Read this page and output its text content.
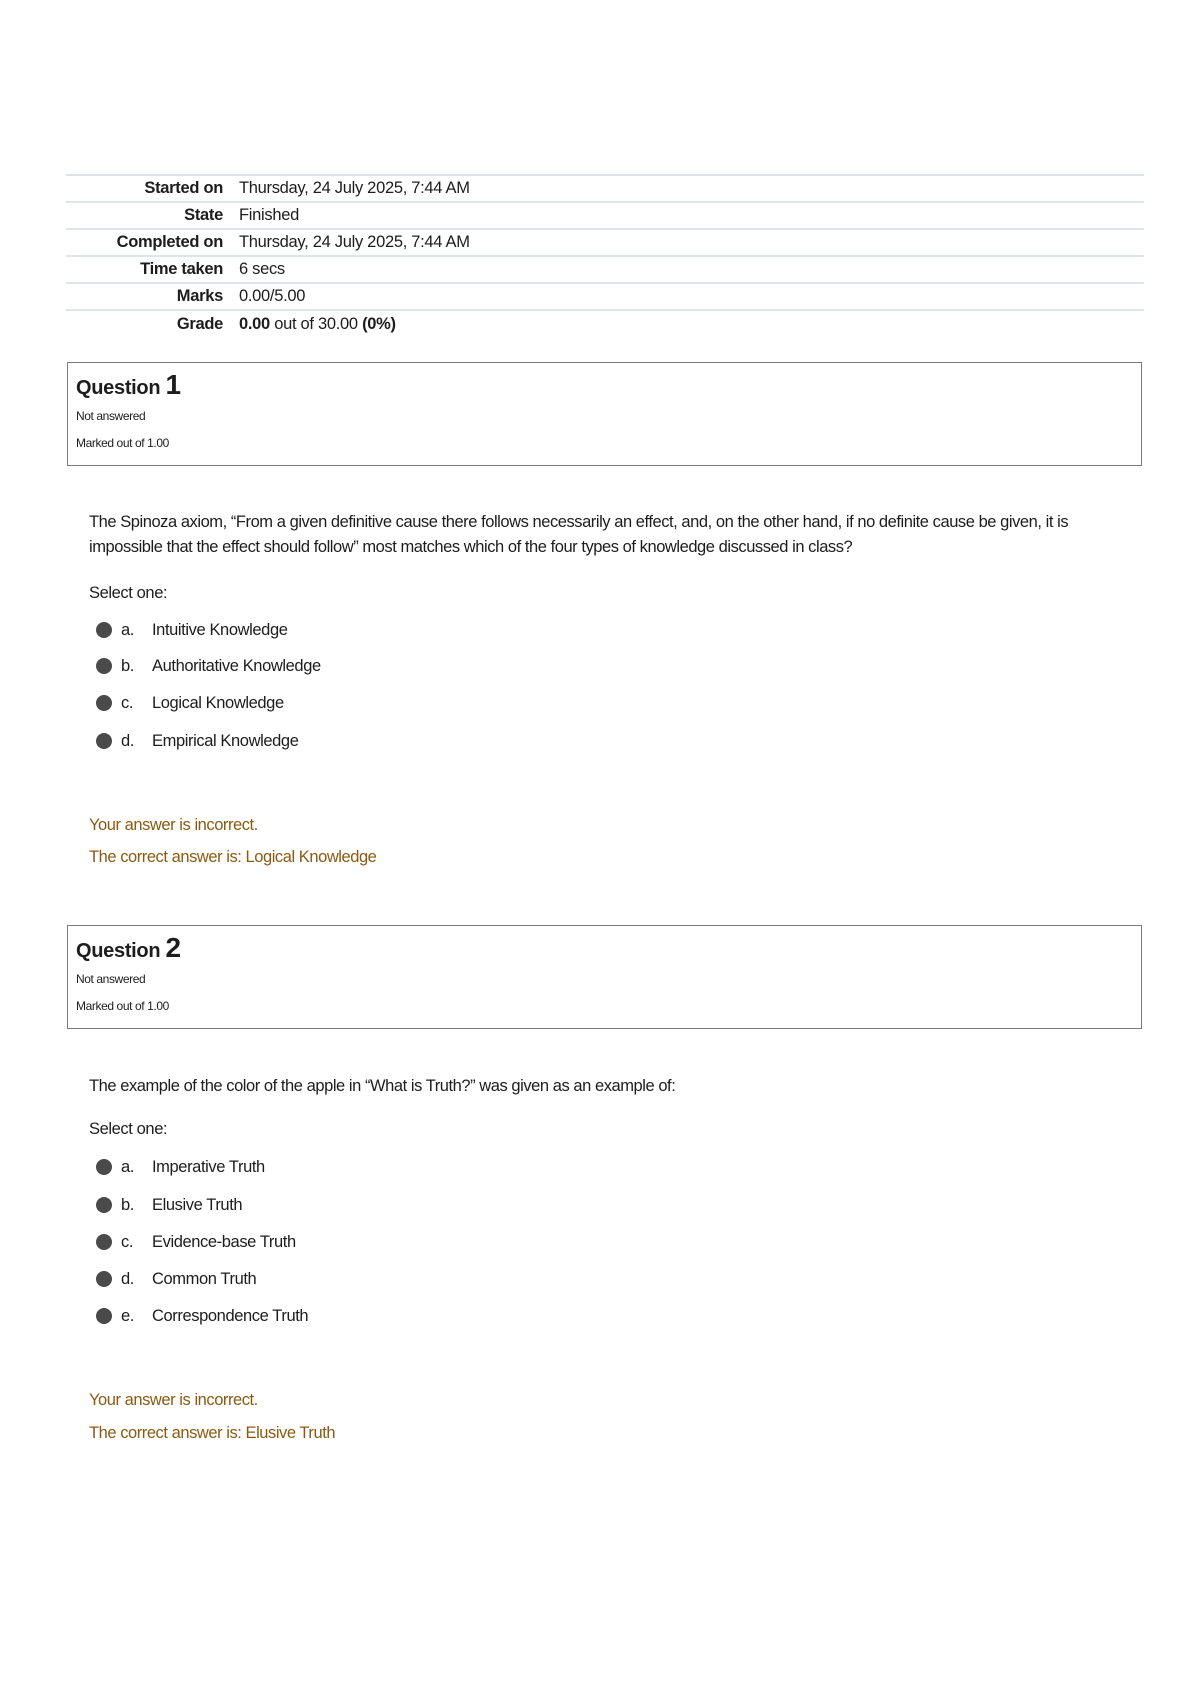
Started on	Thursday, 24 July 2025, 7:44 AM
State	Finished
Completed on	Thursday, 24 July 2025, 7:44 AM
Time taken	6 secs
Marks	0.00/5.00
Grade	0.00 out of 30.00 (0%)
Question 1
Not answered
Marked out of 1.00
The Spinoza axiom, “From a given definitive cause there follows necessarily an effect, and, on the other hand, if no definite cause be given, it is impossible that the effect should follow” most matches which of the four types of knowledge discussed in class?
Select one:
a.	Intuitive Knowledge
b.	Authoritative Knowledge
c.	Logical Knowledge
d.	Empirical Knowledge
Your answer is incorrect.
The correct answer is: Logical Knowledge
Question 2
Not answered
Marked out of 1.00
The example of the color of the apple in “What is Truth?” was given as an example of:
Select one:
a.	Imperative Truth
b.	Elusive Truth
c.	Evidence-base Truth
d.	Common Truth
e.	Correspondence Truth
Your answer is incorrect.
The correct answer is: Elusive Truth
